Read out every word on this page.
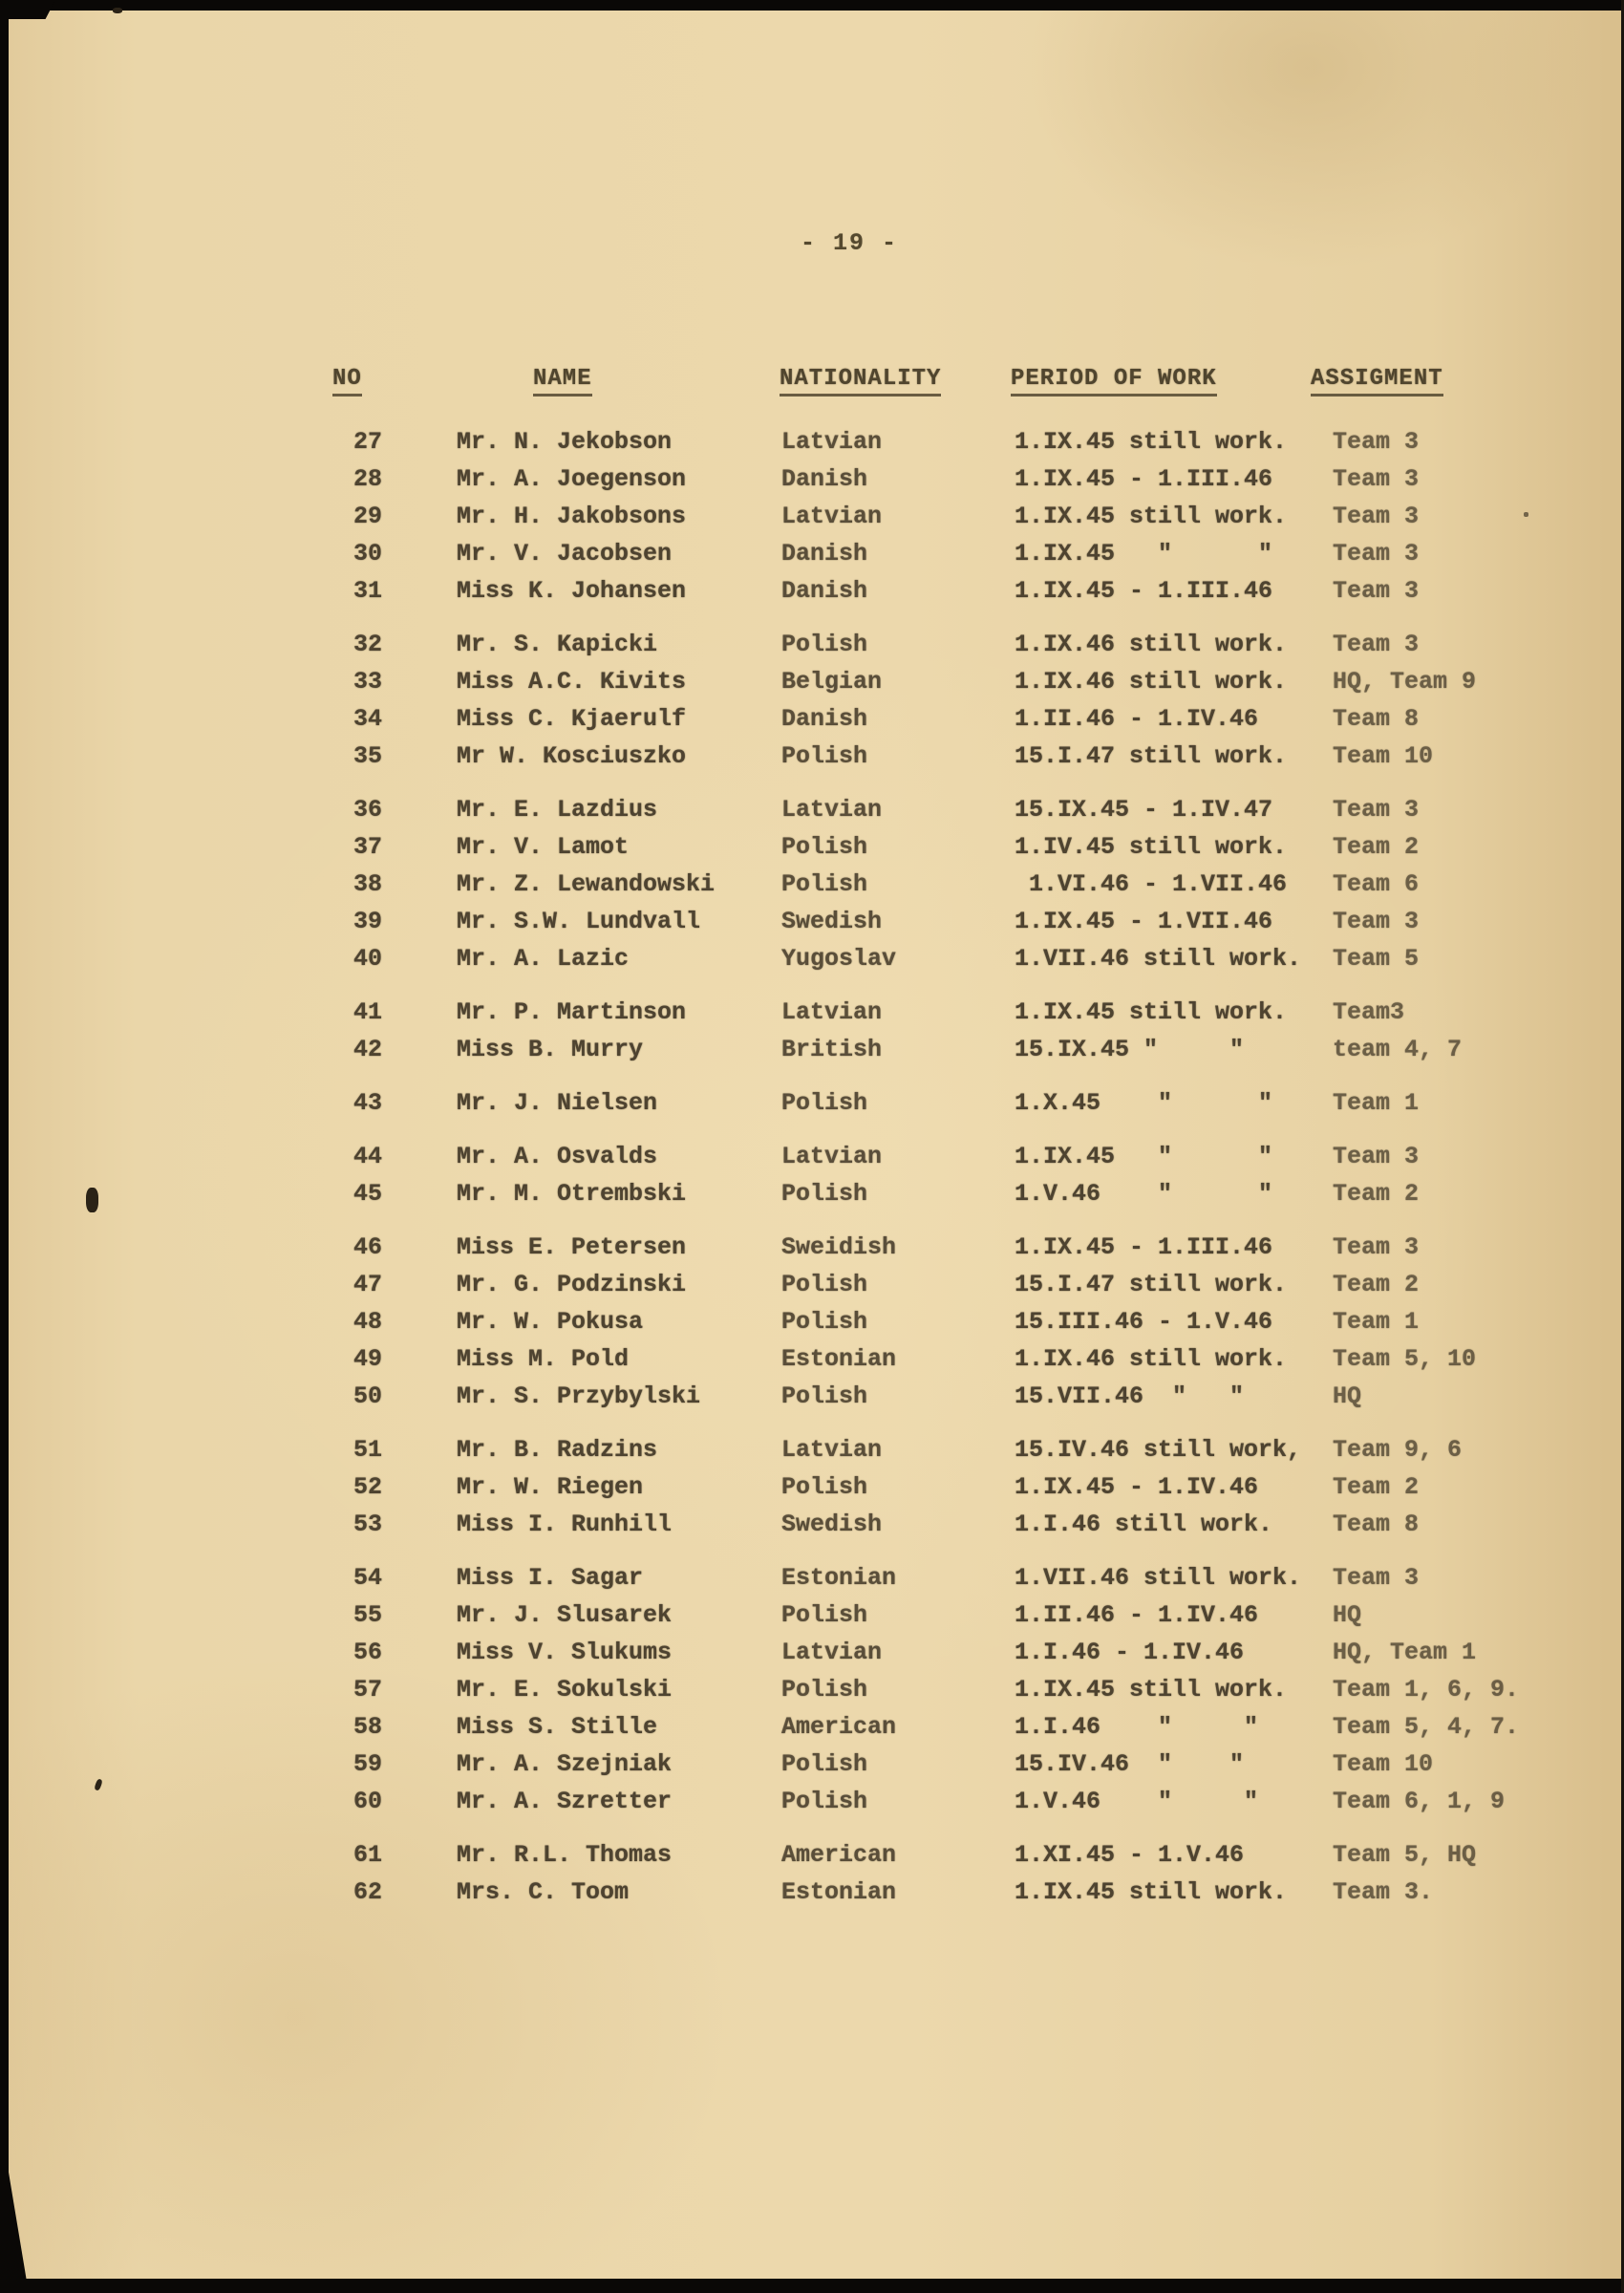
- 19 -
NO	NAME	NATIONALITY	PERIOD OF WORK	ASSIGMENT
27	Mr. N. Jekobson	Latvian	1.IX.45 still work. Team 3
28	Mr. A. Joegenson	Danish	1.IX.45 - 1.III.46	Team 3
29	Mr. H. Jakobsons	Latvian	1.IX.45 still work. Team 3
30	Mr. V. Jacobsen	Danish	1.IX.45   "      "	Team 3
31	Miss K. Johansen	Danish	1.IX.45 - 1.III.46	Team 3
32	Mr. S. Kapicki	Polish	1.IX.46 still work. Team 3
33	Miss A.C. Kivits	Belgian	1.IX.46 still work. HQ, Team 9
34	Miss C. Kjaerulf	Danish	1.II.46 - 1.IV.46	Team 8
35	Mr W. Kosciuszko	Polish	15.I.47 still work. Team 10
36	Mr. E. Lazdius	Latvian	15.IX.45 - 1.IV.47	Team 3
37	Mr. V. Lamot	Polish	1.IV.45 still work. Team 2
38	Mr. Z. Lewandowski	Polish	1.VI.46 - 1.VII.46 Team 6
39	Mr. S.W. Lundvall	Swedish	1.IX.45 - 1.VII.46	Team 3
40	Mr. A. Lazic	Yugoslav	1.VII.46 still work. Team 5
41	Mr. P. Martinson	Latvian	1.IX.45 still work. Team3
42	Miss B. Murry	British	15.IX.45 "     "	team 4, 7
43	Mr. J. Nielsen	Polish	1.X.45    "      "	Team 1
44	Mr. A. Osvalds	Latvian	1.IX.45   "      "	Team 3
45	Mr. M. Otrembski	Polish	1.V.46    "      "	Team 2
46	Miss E. Petersen	Sweidish	1.IX.45 - 1.III.46	Team 3
47	Mr. G. Podzinski	Polish	15.I.47 still work. Team 2
48	Mr. W. Pokusa	Polish	15.III.46 - 1.V.46	Team 1
49	Miss M. Pold	Estonian	1.IX.46 still work. Team 5, 10
50	Mr. S. Przybylski	Polish	15.VII.46  "   "	HQ
51	Mr. B. Radzins	Latvian	15.IV.46 still work, Team 9, 6
52	Mr. W. Riegen	Polish	1.IX.45 - 1.IV.46	Team 2
53	Miss I. Runhill	Swedish	1.I.46 still work.	Team 8
54	Miss I. Sagar	Estonian	1.VII.46 still work. Team 3
55	Mr. J. Slusarek	Polish	1.II.46 - 1.IV.46	HQ
56	Miss V. Slukums	Latvian	1.I.46 - 1.IV.46	HQ, Team 1
57	Mr. E. Sokulski	Polish	1.IX.45 still work. Team 1, 6, 9.
58	Miss S. Stille	American	1.I.46    "     "	Team 5, 4, 7.
59	Mr. A. Szejniak	Polish	15.IV.46  "    "	Team 10
60	Mr. A. Szretter	Polish	1.V.46    "     "	Team 6, 1, 9
61	Mr. R.L. Thomas	American	1.XI.45 - 1.V.46	Team 5, HQ
62	Mrs. C. Toom	Estonian	1.IX.45 still work. Team 3.
